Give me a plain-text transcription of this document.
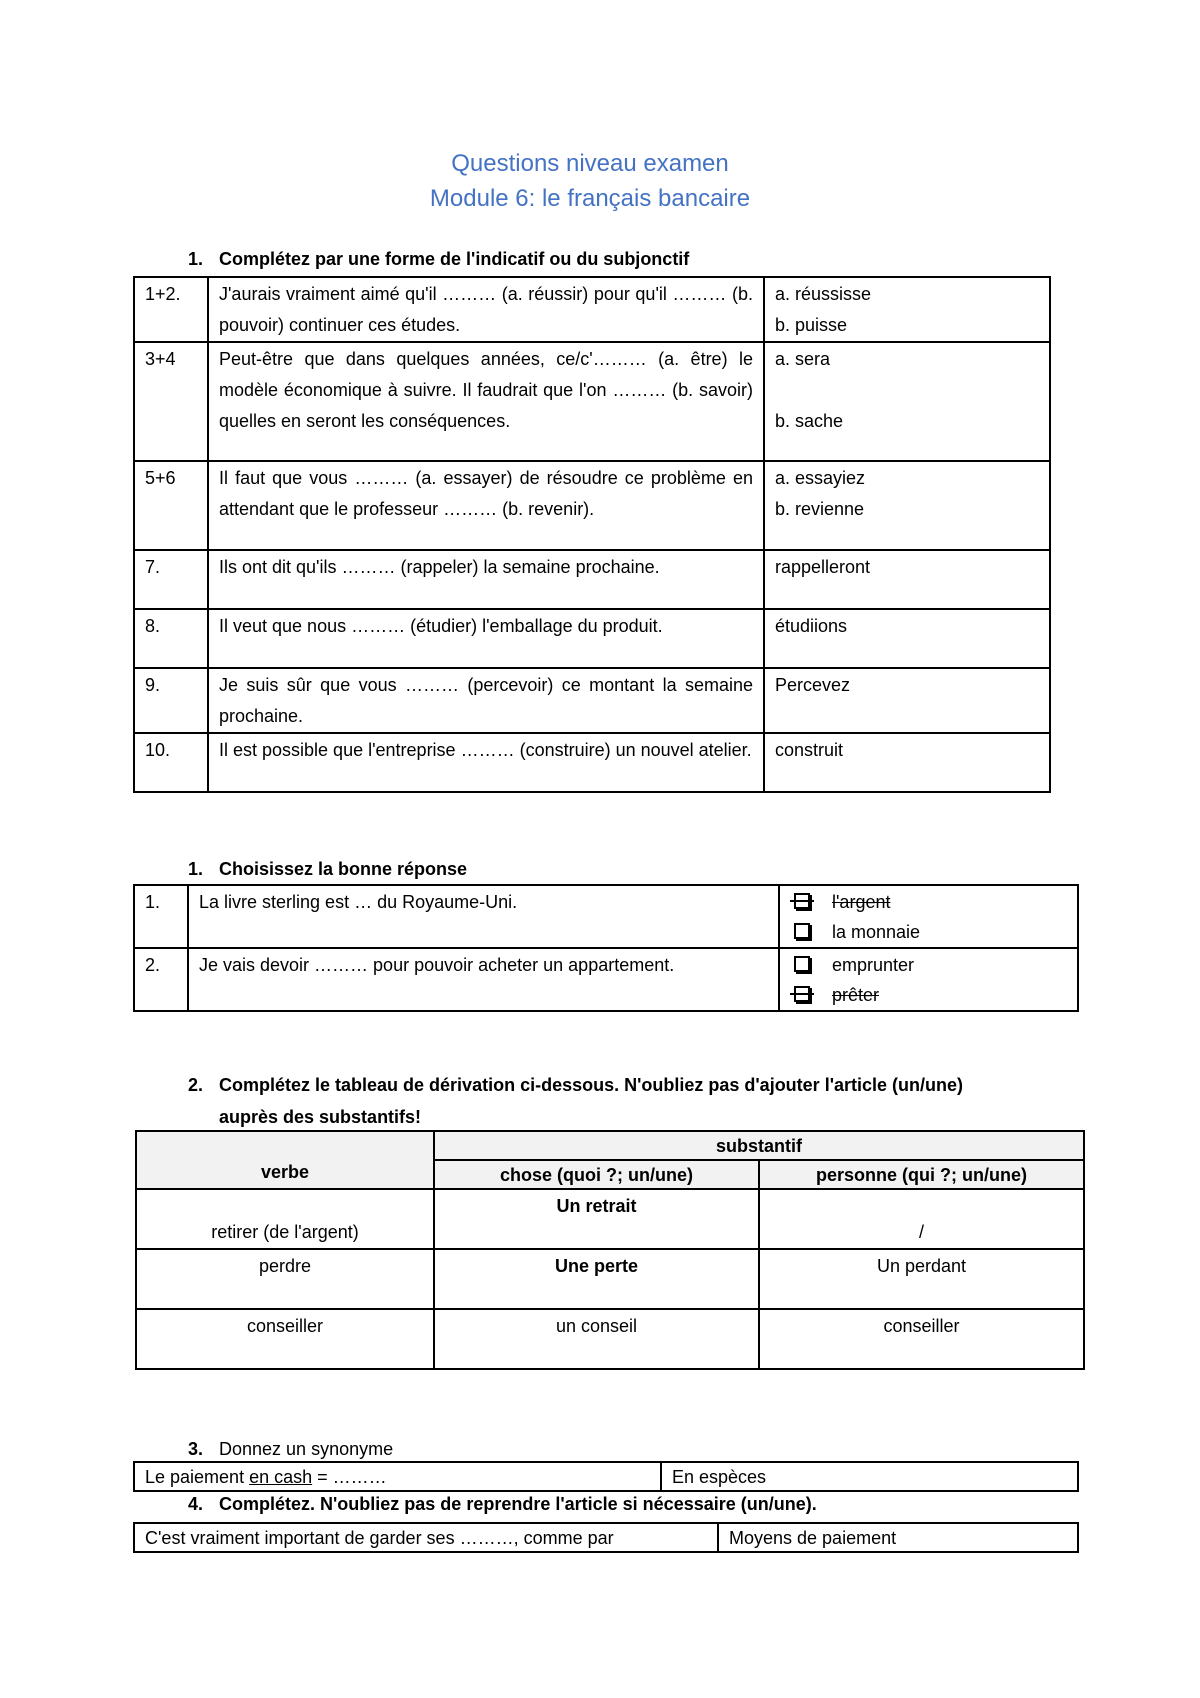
Questions niveau examen
Module 6: le français bancaire
1. Complétez par une forme de l'indicatif ou du subjonctif
1+2.	J'aurais vraiment aimé qu'il ……… (a. réussir) pour qu'il ……… (b. pouvoir) continuer ces études.	a. réussisse
b. puisse

3+4	Peut-être que dans quelques années, ce/c'……… (a. être) le modèle économique à suivre. Il faudrait que l'on ……… (b. savoir) quelles en seront les conséquences.	a. sera
b. sache

5+6	Il faut que vous ……… (a. essayer) de résoudre ce problème en attendant que le professeur ……… (b. revenir).	a. essayiez
b. revienne

7.	Ils ont dit qu'ils ……… (rappeler) la semaine prochaine.	rappelleront

8.	Il veut que nous ……… (étudier) l'emballage du produit.	étudiions

9.	Je suis sûr que vous ……… (percevoir) ce montant la semaine prochaine.	Percevez

10.	Il est possible que l'entreprise ……… (construire) un nouvel atelier.	construit
1. Choisissez la bonne réponse
1.	La livre sterling est … du Royaume-Uni.	l'argent
la monnaie

2.	Je vais devoir ……… pour pouvoir acheter un appartement.	emprunter
prêter
2. Complétez le tableau de dérivation ci-dessous. N'oubliez pas d'ajouter l'article (un/une)
auprès des substantifs!
verbe	substantif	
	chose (quoi ?; un/une)	personne (qui ?; un/une)
retirer (de l'argent)	Un retrait	/
perdre	Une perte	Un perdant
conseiller	un conseil	conseiller
3. Donnez un synonyme
Le paiement en cash = ………	En espèces
4. Complétez. N'oubliez pas de reprendre l'article si nécessaire (un/une).
C'est vraiment important de garder ses ………, comme par	Moyens de paiement
